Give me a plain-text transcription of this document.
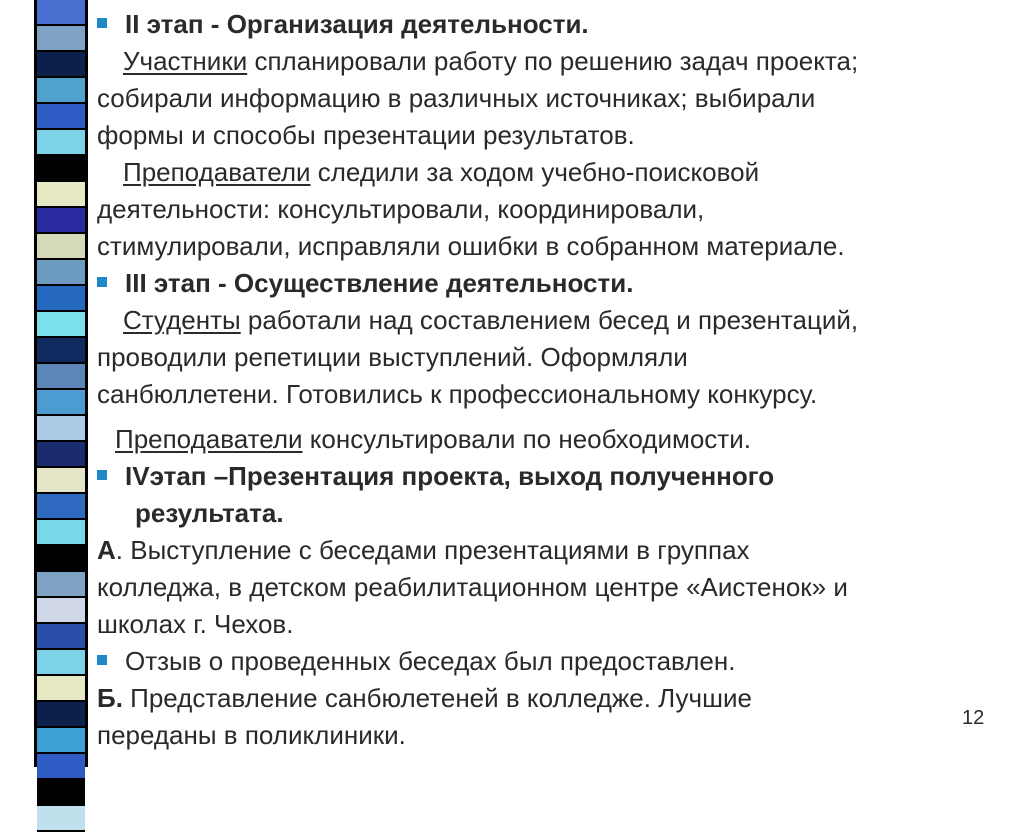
II этап - Организация деятельности.
Участники спланировали работу по решению задач проекта;
собирали информацию в различных источниках; выбирали
формы и способы презентации результатов.
Преподаватели следили за ходом учебно-поисковой
деятельности: консультировали, координировали,
стимулировали, исправляли ошибки в собранном материале.
III этап - Осуществление деятельности.
Студенты работали над составлением бесед и презентаций,
проводили репетиции выступлений. Оформляли
санбюллетени. Готовились к профессиональному конкурсу.
Преподаватели консультировали по необходимости.
IVэтап –Презентация проекта, выход полученного
результата.
А. Выступление с беседами презентациями в группах
колледжа, в детском реабилитационном центре «Аистенок» и
школах г. Чехов.
Отзыв о проведенных беседах был предоставлен.
Б. Представление санбюлетеней в колледже. Лучшие
переданы в поликлиники.
12
